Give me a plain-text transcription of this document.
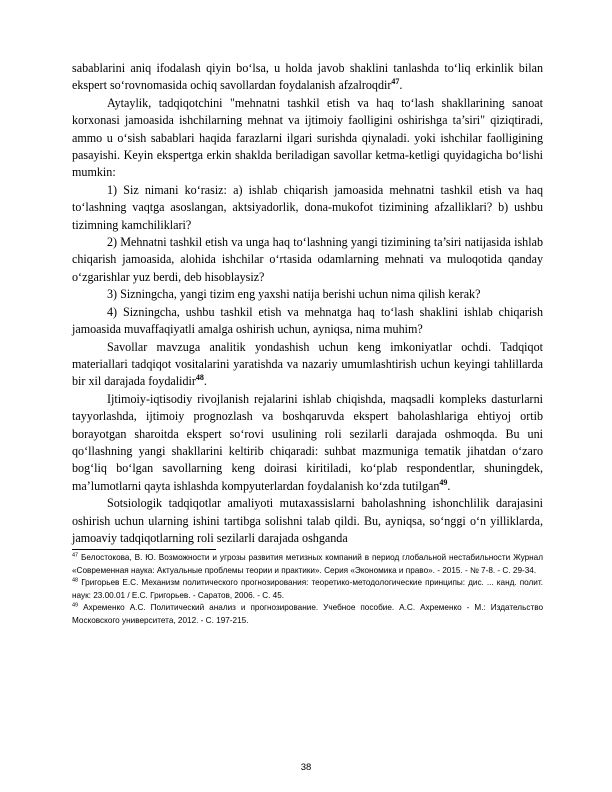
sabablarini aniq ifodalash qiyin bo‘lsa, u holda javob shaklini tanlashda to‘liq erkinlik bilan ekspert so‘rovnomasida ochiq savollardan foydalanish afzalroqdir$^{47}$.

Aytaylik, tadqiqotchini "mehnatni tashkil etish va haq to‘lash shakllarining sanoat korxonasi jamoasida ishchilarning mehnat va ijtimoiy faolligini oshirishga ta’siri" qiziqtiradi, ammo u o‘sish sabablari haqida farazlarni ilgari surishda qiynaladi. yoki ishchilar faolligining pasayishi. Keyin ekspertga erkin shaklda beriladigan savollar ketma-ketligi quyidagicha bo‘lishi mumkin:

1) Siz nimani ko‘rasiz: a) ishlab chiqarish jamoasida mehnatni tashkil etish va haq to‘lashning vaqtga asoslangan, aktsiyadorlik, dona-mukofot tizimining afzalliklari? b) ushbu tizimning kamchiliklari?

2) Mehnatni tashkil etish va unga haq to‘lashning yangi tizimining ta’siri natijasida ishlab chiqarish jamoasida, alohida ishchilar o‘rtasida odamlarning mehnati va muloqotida qanday o‘zgarishlar yuz berdi, deb hisoblaysiz?

3) Sizningcha, yangi tizim eng yaxshi natija berishi uchun nima qilish kerak?

4) Sizningcha, ushbu tashkil etish va mehnatga haq to‘lash shaklini ishlab chiqarish jamoasida muvaffaqiyatli amalga oshirish uchun, ayniqsa, nima muhim?

Savollar mavzuga analitik yondashish uchun keng imkoniyatlar ochdi. Tadqiqot materiallari tadqiqot vositalarini yaratishda va nazariy umumlashtirish uchun keyingi tahlillarda bir xil darajada foydalidir$^{48}$.

Ijtimoiy-iqtisodiy rivojlanish rejalarini ishlab chiqishda, maqsadli kompleks dasturlarni tayyorlashda, ijtimoiy prognozlash va boshqaruvda ekspert baholashlariga ehtiyoj ortib borayotgan sharoitda ekspert so‘rovi usulining roli sezilarli darajada oshmoqda. Bu uni qo‘llashning yangi shakllarini keltirib chiqaradi: suhbat mazmuniga tematik jihatdan o‘zaro bog‘liq bo‘lgan savollarning keng doirasi kiritiladi, ko‘plab respondentlar, shuningdek, ma’lumotlarni qayta ishlashda kompyuterlardan foydalanish ko‘zda tutilgan$^{49}$.

Sotsiologik tadqiqotlar amaliyoti mutaxassislarni baholashning ishonchlilik darajasini oshirish uchun ularning ishini tartibga solishni talab qildi. Bu, ayniqsa, so‘nggi o‘n yilliklarda, jamoaviy tadqiqotlarning roli sezilarli darajada oshganda

$^{47}$ Белостокова, В. Ю. Возможности и угрозы развития метизных компаний в период глобальной нестабильности Журнал «Современная наука: Актуальные проблемы теории и практики». Серия «Экономика и право». - 2015. - № 7-8. - С. 29-34.

$^{48}$ Григорьев Е.С. Механизм политического прогнозирования: теоретико-методологические принципы: дис. ... канд. полит. наук: 23.00.01 / Е.С. Григорьев. - Саратов, 2006. - С. 45.

$^{49}$ Ахременко А.С. Политический анализ и прогнозирование. Учебное пособие. А.С. Ахременко - М.: Издательство Московского университета, 2012. - С. 197-215.

38
